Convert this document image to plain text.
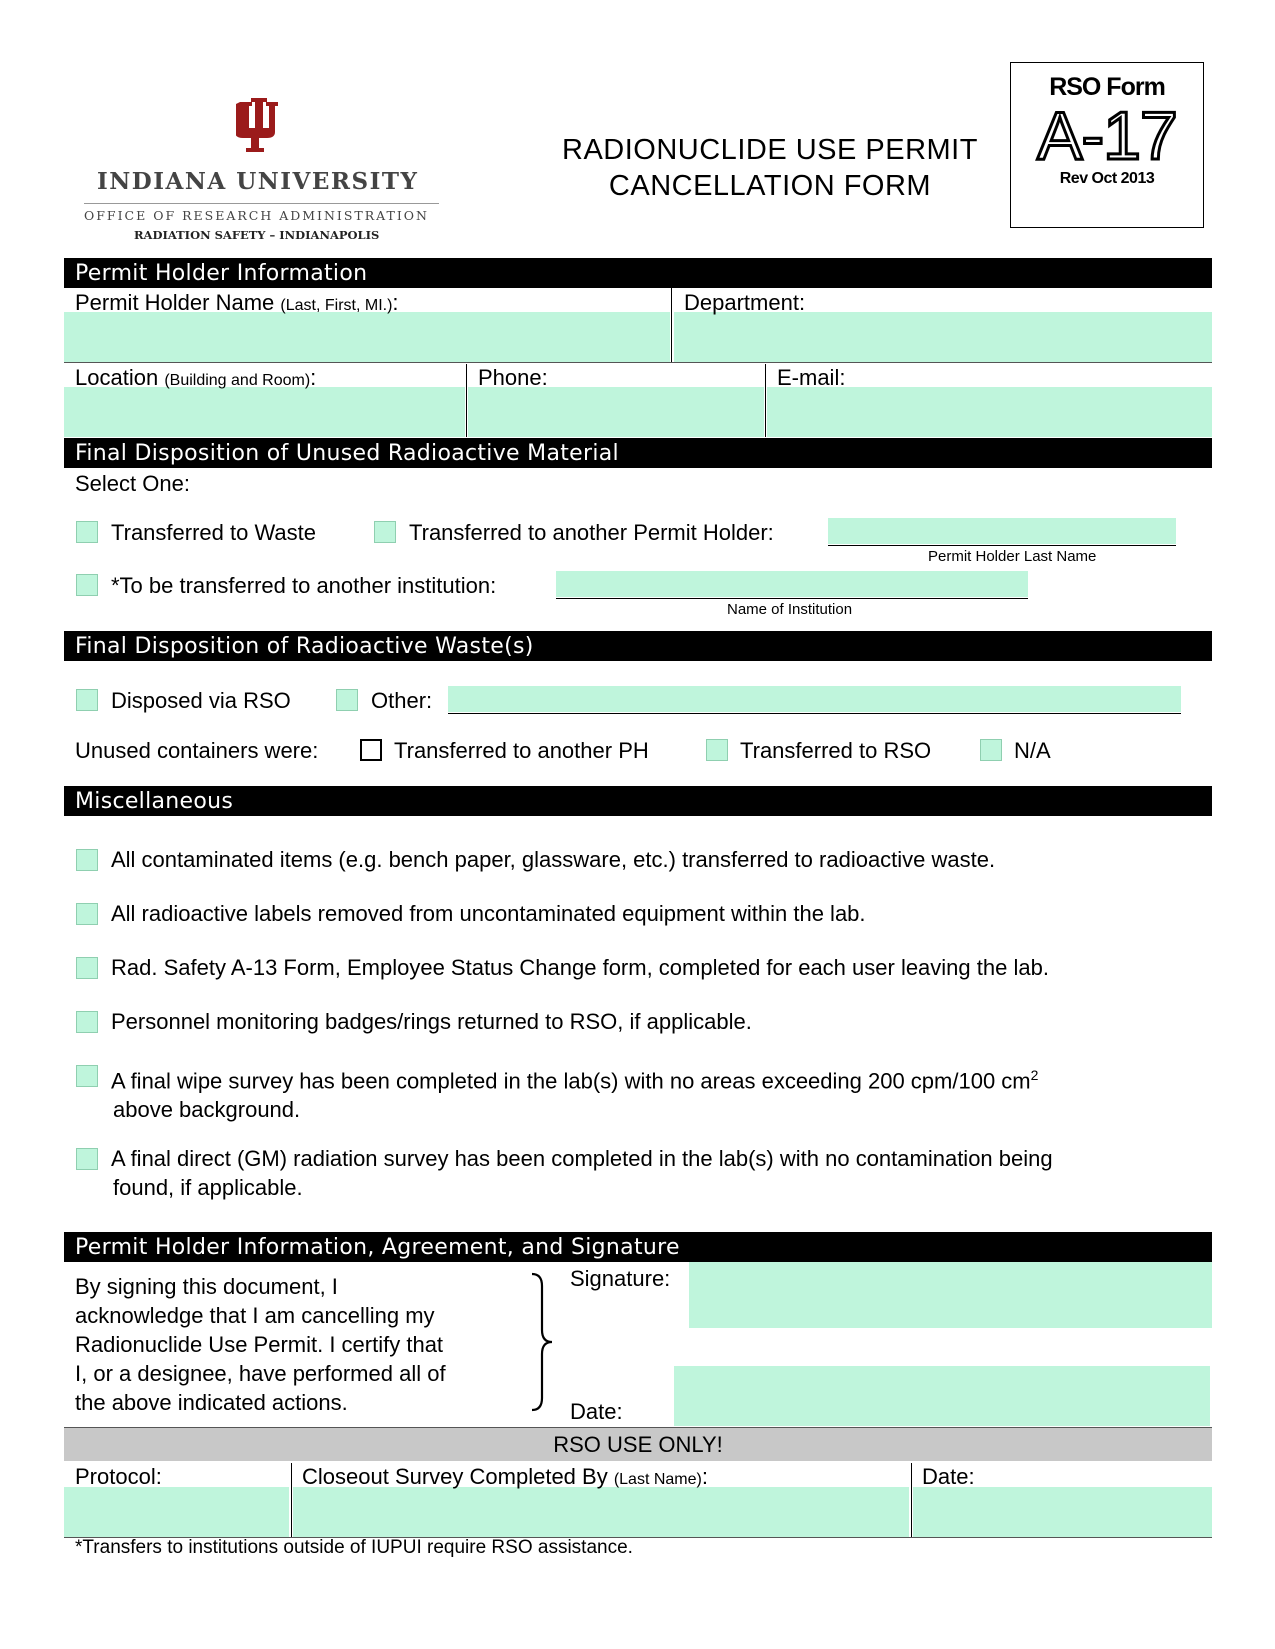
INDIANA UNIVERSITY
OFFICE OF RESEARCH ADMINISTRATION
RADIATION SAFETY – INDIANAPOLIS
RADIONUCLIDE USE PERMIT
CANCELLATION FORM
RSO Form
A-17
Rev Oct 2013
Permit Holder Information
Permit Holder Name (Last, First, MI.):	Department:
Location (Building and Room):	Phone:	E-mail:
Final Disposition of Unused Radioactive Material
Select One:
Transferred to Waste	Transferred to another Permit Holder:
Permit Holder Last Name
*To be transferred to another institution:
Name of Institution
Final Disposition of Radioactive Waste(s)
Disposed via RSO	Other:
Unused containers were:	Transferred to another PH	Transferred to RSO	N/A
Miscellaneous
All contaminated items (e.g. bench paper, glassware, etc.) transferred to radioactive waste.
All radioactive labels removed from uncontaminated equipment within the lab.
Rad. Safety A-13 Form, Employee Status Change form, completed for each user leaving the lab.
Personnel monitoring badges/rings returned to RSO, if applicable.
A final wipe survey has been completed in the lab(s) with no areas exceeding 200 cpm/100 $cm^2$
above background.
A final direct (GM) radiation survey has been completed in the lab(s) with no contamination being
found, if applicable.
Permit Holder Information, Agreement, and Signature
By signing this document, I
acknowledge that I am cancelling my
Radionuclide Use Permit. I certify that
I, or a designee, have performed all of
the above indicated actions.
Signature:
Date:
RSO USE ONLY!
Protocol:	Closeout Survey Completed By (Last Name):	Date:
*Transfers to institutions outside of IUPUI require RSO assistance.
